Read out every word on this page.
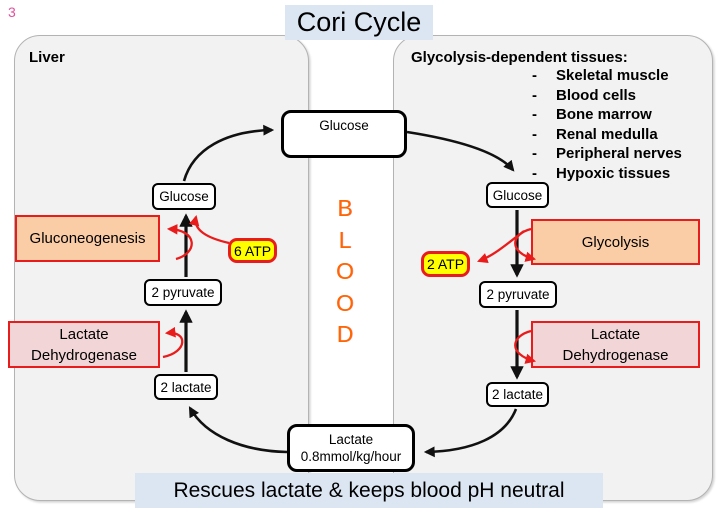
3	Cori Cycle
Liver	Glycolysis-dependent tissues:
- Skeletal muscle
- Blood cells
- Bone marrow
- Renal medulla
- Peripheral nerves
- Hypoxic tissues
B
L
O
O
D
Glucose
Glucose	Glucose
2 pyruvate	2 pyruvate
2 lactate	2 lactate
Lactate
0.8mmol/kg/hour
Gluconeogenesis	Glycolysis
Lactate Dehydrogenase
Lactate Dehydrogenase
6 ATP
2 ATP
Rescues lactate & keeps blood pH neutral
